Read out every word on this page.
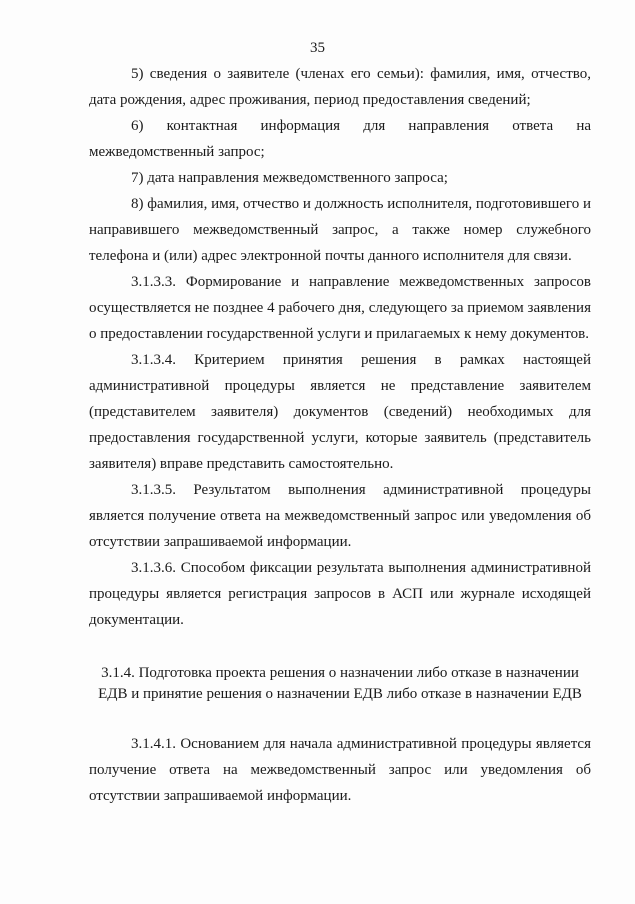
35

5) сведения о заявителе (членах его семьи): фамилия, имя, отчество, дата рождения, адрес проживания, период предоставления сведений;

6) контактная информация для направления ответа на межведомственный запрос;

7) дата направления межведомственного запроса;

8) фамилия, имя, отчество и должность исполнителя, подготовившего и направившего межведомственный запрос, а также номер служебного телефона и (или) адрес электронной почты данного исполнителя для связи.

3.1.3.3. Формирование и направление межведомственных запросов осуществляется не позднее 4 рабочего дня, следующего за приемом заявления о предоставлении государственной услуги и прилагаемых к нему документов.

3.1.3.4. Критерием принятия решения в рамках настоящей административной процедуры является не представление заявителем (представителем заявителя) документов (сведений) необходимых для предоставления государственной услуги, которые заявитель (представитель заявителя) вправе представить самостоятельно.

3.1.3.5. Результатом выполнения административной процедуры является получение ответа на межведомственный запрос или уведомления об отсутствии запрашиваемой информации.

3.1.3.6. Способом фиксации результата выполнения административной процедуры является регистрация запросов в АСП или журнале исходящей документации.

3.1.4. Подготовка проекта решения о назначении либо отказе в назначении ЕДВ и принятие решения о назначении ЕДВ либо отказе в назначении ЕДВ

3.1.4.1. Основанием для начала административной процедуры является получение ответа на межведомственный запрос или уведомления об отсутствии запрашиваемой информации.
